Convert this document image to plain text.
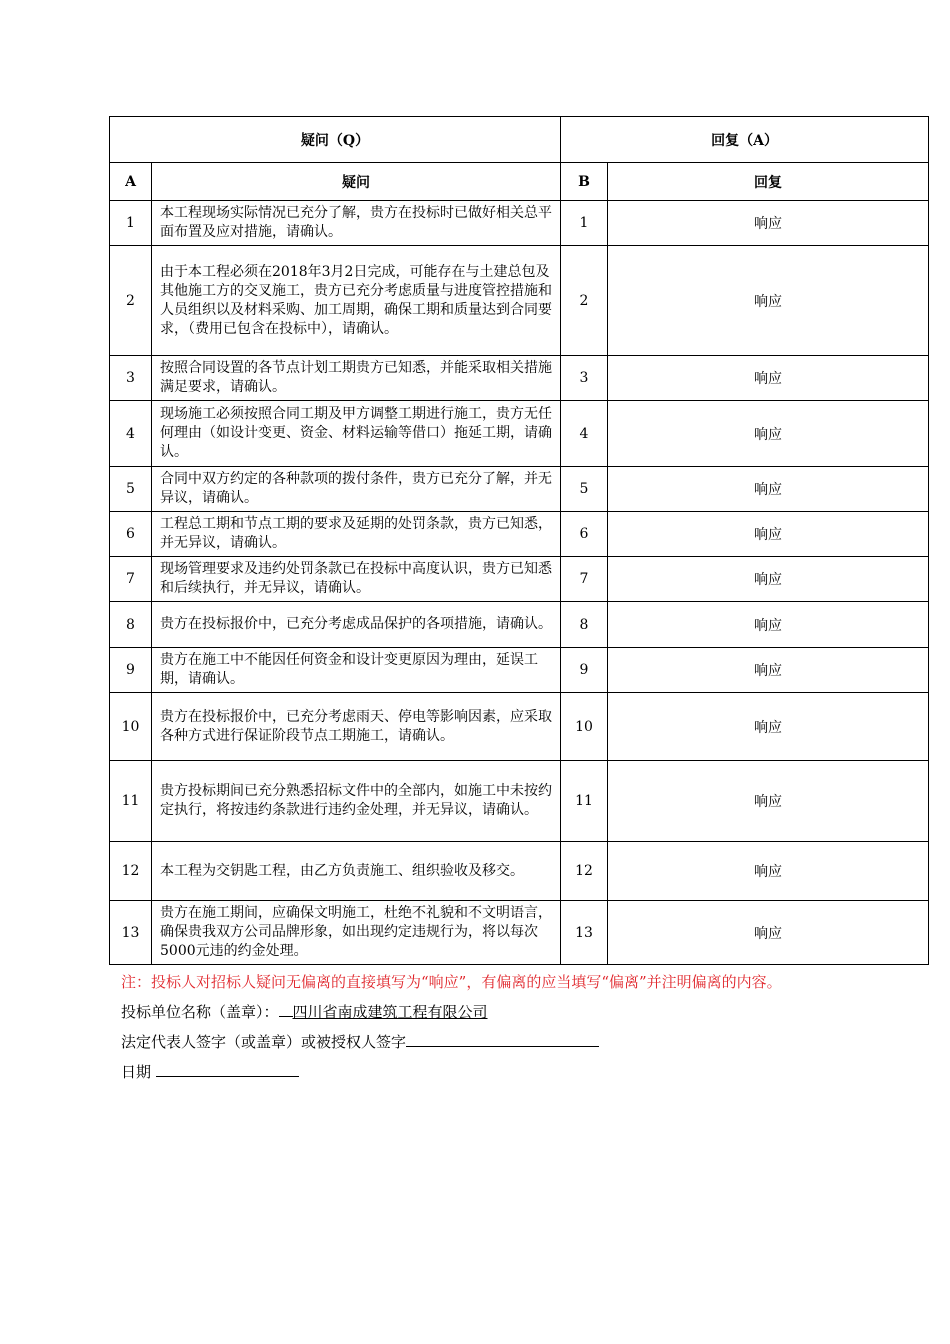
疑问（Q）		回复（A）	
A	疑问	B	回复
1	本工程现场实际情况已充分了解，贵方在投标时已做好相关总平面布置及应对措施，请确认。	1	响应
2	由于本工程必须在2018年3月2日完成，可能存在与土建总包及其他施工方的交叉施工，贵方已充分考虑质量与进度管控措施和人员组织以及材料采购、加工周期，确保工期和质量达到合同要求，（费用已包含在投标中），请确认。	2	响应
3	按照合同设置的各节点计划工期贵方已知悉，并能采取相关措施满足要求，请确认。	3	响应
4	现场施工必须按照合同工期及甲方调整工期进行施工，贵方无任何理由（如设计变更、资金、材料运输等借口）拖延工期，请确认。	4	响应
5	合同中双方约定的各种款项的拨付条件，贵方已充分了解，并无异议，请确认。	5	响应
6	工程总工期和节点工期的要求及延期的处罚条款，贵方已知悉，并无异议，请确认。	6	响应
7	现场管理要求及违约处罚条款已在投标中高度认识，贵方已知悉和后续执行，并无异议，请确认。	7	响应
8	贵方在投标报价中，已充分考虑成品保护的各项措施，请确认。	8	响应
9	贵方在施工中不能因任何资金和设计变更原因为理由，延误工期，请确认。	9	响应
10	贵方在投标报价中，已充分考虑雨天、停电等影响因素，应采取各种方式进行保证阶段节点工期施工，请确认。	10	响应
11	贵方投标期间已充分熟悉招标文件中的全部内，如施工中未按约定执行，将按违约条款进行违约金处理，并无异议，请确认。	11	响应
12	本工程为交钥匙工程，由乙方负责施工、组织验收及移交。	12	响应
13	贵方在施工期间，应确保文明施工，杜绝不礼貌和不文明语言，确保贵我双方公司品牌形象，如出现约定违规行为，将以每次5000元违的约金处理。	13	响应

注：投标人对招标人疑问无偏离的直接填写为“响应”，有偏离的应当填写“偏离”并注明偏离的内容。

投标单位名称（盖章）： 四川省南成建筑工程有限公司

法定代表人签字（或盖章）或被授权人签字

日期
